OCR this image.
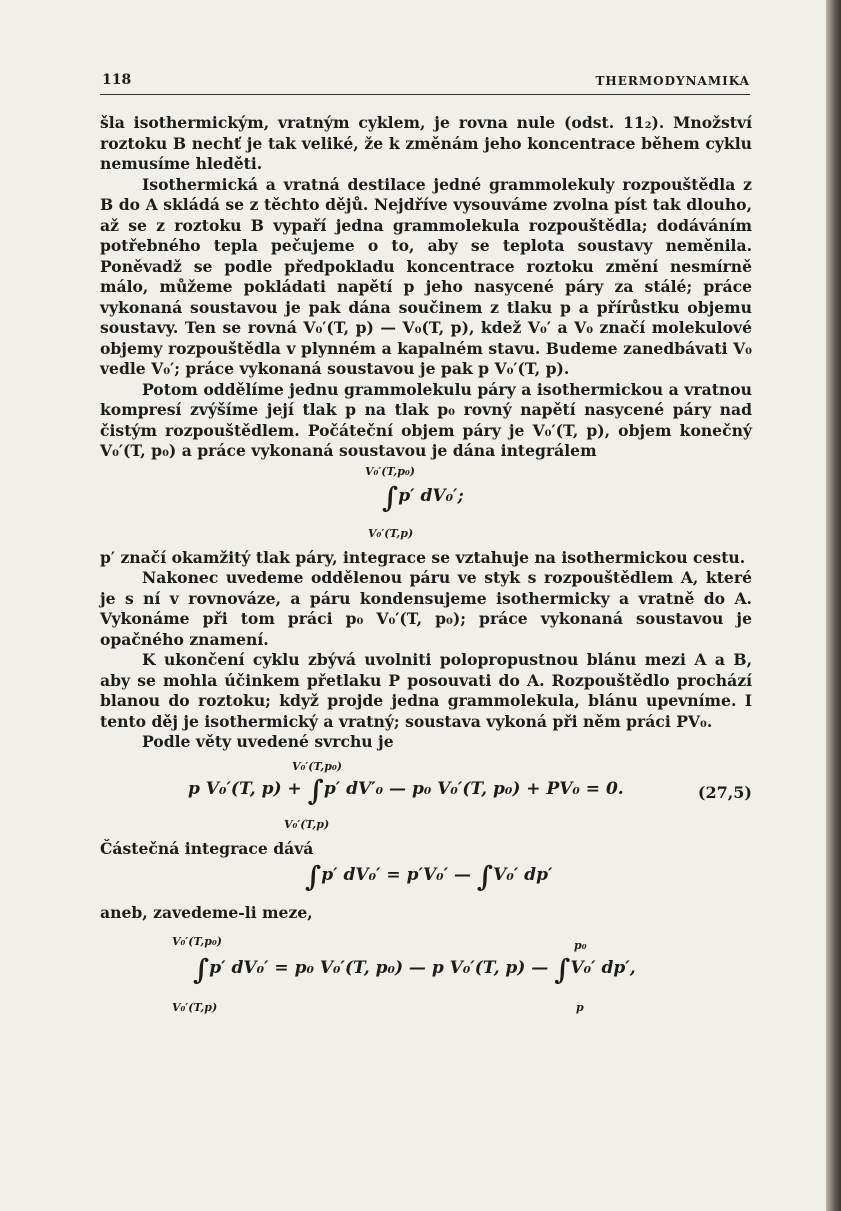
118	THERMODYNAMIKA

šla isothermickým, vratným cyklem, je rovna nule (odst. 11₂). Množství roztoku B nechť je tak veliké, že k změnám jeho koncentrace během cyklu nemusíme hleděti.

Isothermická a vratná destilace jedné grammolekuly rozpouštědla z B do A skládá se z těchto dějů. Nejdříve vysouváme zvolna píst tak dlouho, až se z roztoku B vypaří jedna grammolekula rozpouštědla; dodáváním potřebného tepla pečujeme o to, aby se teplota soustavy neměnila. Poněvadž se podle předpokladu koncentrace roztoku změní nesmírně málo, můžeme pokládati napětí p jeho nasycené páry za stálé; práce vykonaná soustavou je pak dána součinem z tlaku p a přírůstku objemu soustavy. Ten se rovná V₀′(T, p) — V₀(T, p), kdež V₀′ a V₀ značí molekulové objemy rozpouštědla v plynném a kapalném stavu. Budeme zanedbávati V₀ vedle V₀′; práce vykonaná soustavou je pak p V₀′(T, p).

Potom oddělíme jednu grammolekulu páry a isothermickou a vratnou kompresí zvýšíme její tlak p na tlak p₀ rovný napětí nasycené páry nad čistým rozpouštědlem. Počáteční objem páry je V₀′(T, p), objem konečný V₀′(T, p₀) a práce vykonaná soustavou je dána integrálem

V₀′(T,p₀)
∫p′ dV₀′;
V₀′(T,p)

p′ značí okamžitý tlak páry, integrace se vztahuje na isothermickou cestu.

Nakonec uvedeme oddělenou páru ve styk s rozpouštědlem A, které je s ní v rovnováze, a páru kondensujeme isothermicky a vratně do A. Vykonáme při tom práci p₀ V₀′(T, p₀); práce vykonaná soustavou je opačného znamení.

K ukončení cyklu zbývá uvolniti polopropustnou blánu mezi A a B, aby se mohla účinkem přetlaku P posouvati do A. Rozpouštědlo prochází blanou do roztoku; když projde jedna grammolekula, blánu upevníme. I tento děj je isothermický a vratný; soustava vykoná při něm práci PV₀.

Podle věty uvedené svrchu je

V₀′(T,p₀)
p V₀′(T, p) + ∫p′ dV′₀ — p₀ V₀′(T, p₀) + PV₀ = 0.
V₀′(T,p)
(27,5)

Částečná integrace dává

∫p′ dV₀′ = p′V₀′ — ∫V₀′ dp′

aneb, zavedeme-li meze,

V₀′(T,p₀)
∫p′ dV₀′ = p₀ V₀′(T, p₀) — p V₀′(T, p) — ∫V₀′ dp′,
V₀′(T,p)
p₀
p
